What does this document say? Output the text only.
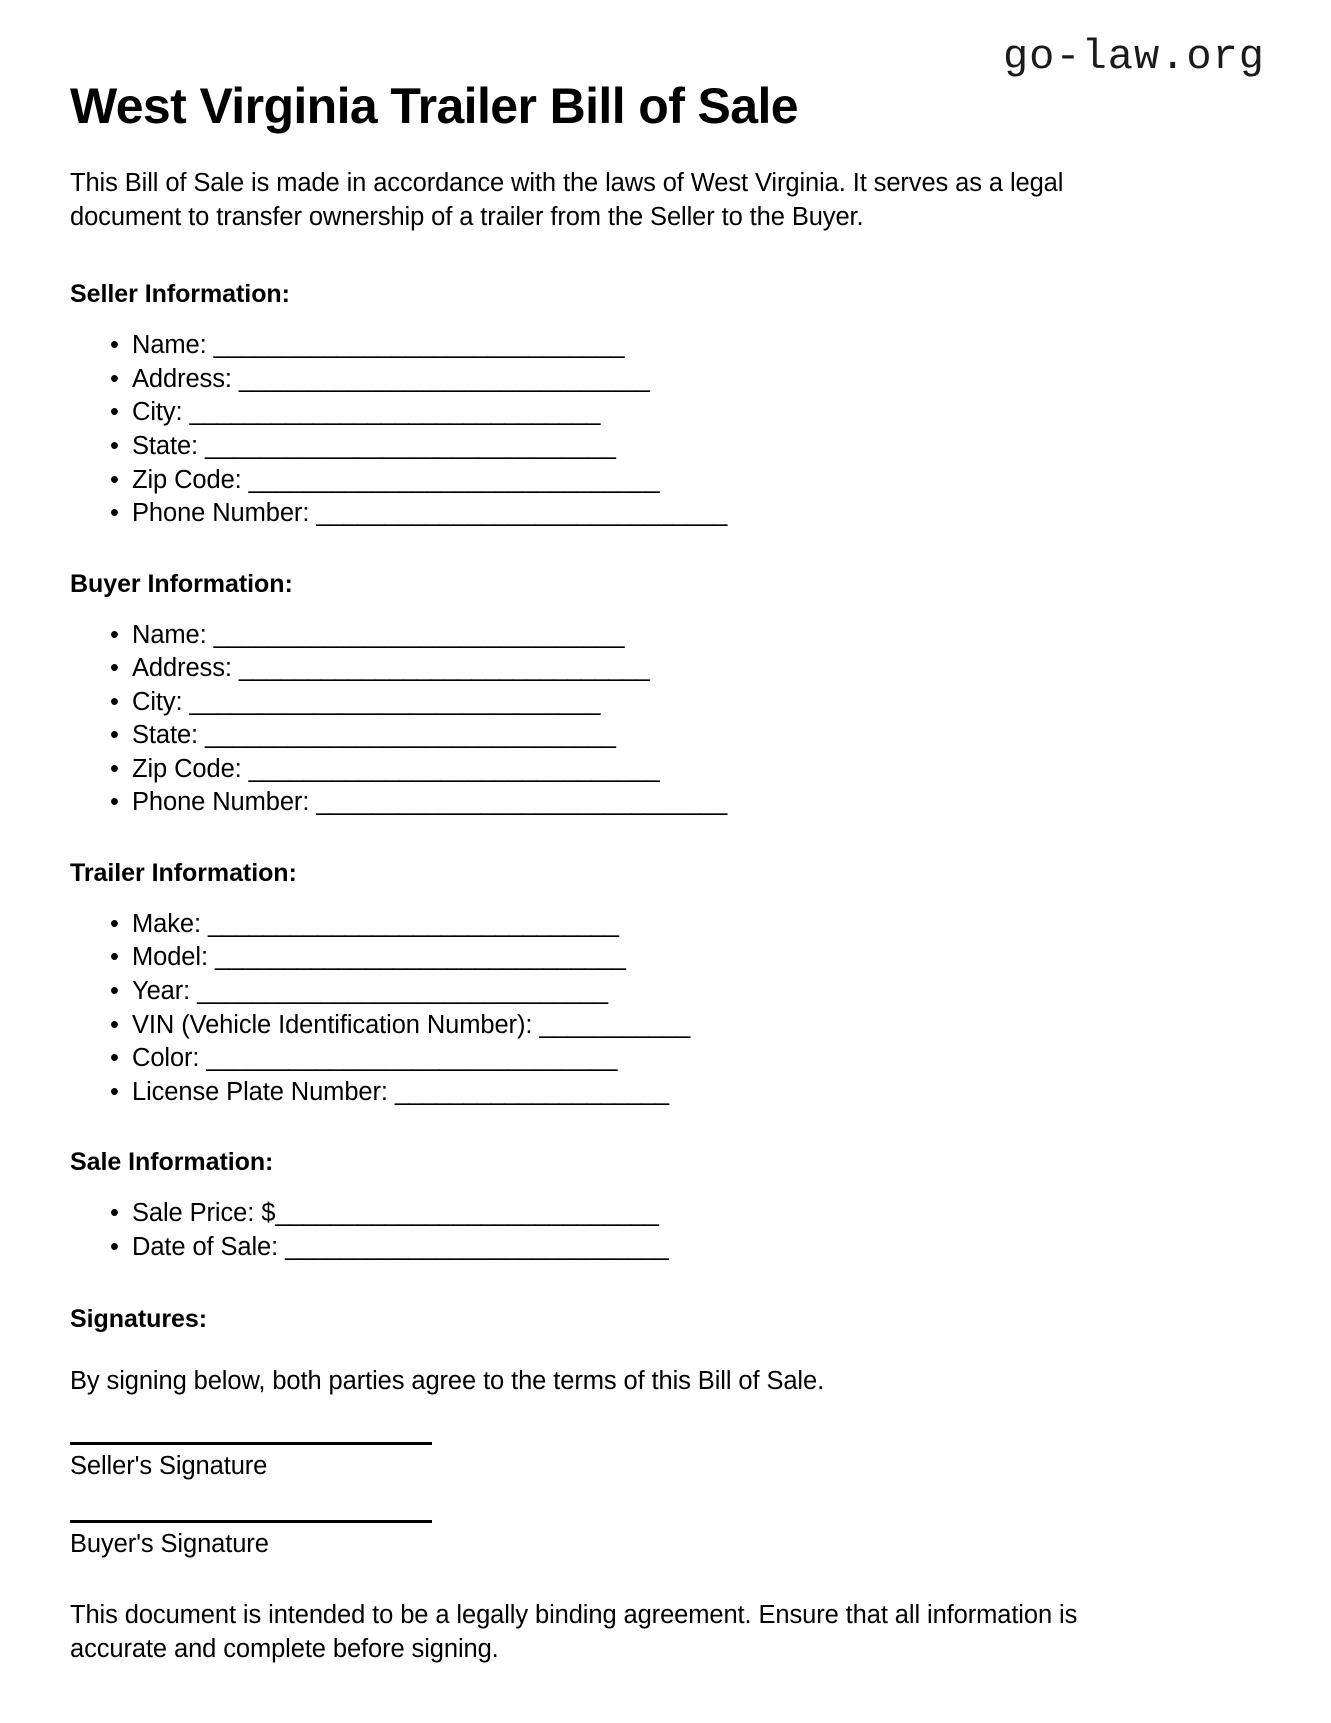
go-law.org
West Virginia Trailer Bill of Sale

This Bill of Sale is made in accordance with the laws of West Virginia. It serves as a legal document to transfer ownership of a trailer from the Seller to the Buyer.

Seller Information:
• Name: ______________________________
• Address: ______________________________
• City: ______________________________
• State: ______________________________
• Zip Code: ______________________________
• Phone Number: ______________________________
Buyer Information:
• Name: ______________________________
• Address: ______________________________
• City: ______________________________
• State: ______________________________
• Zip Code: ______________________________
• Phone Number: ______________________________
Trailer Information:
• Make: ______________________________
• Model: ______________________________
• Year: ______________________________
• VIN (Vehicle Identification Number): ___________
• Color: ______________________________
• License Plate Number: ____________________
Sale Information:
• Sale Price: $____________________________
• Date of Sale: ____________________________
Signatures:

By signing below, both parties agree to the terms of this Bill of Sale.

Seller's Signature
Buyer's Signature

This document is intended to be a legally binding agreement. Ensure that all information is accurate and complete before signing.
